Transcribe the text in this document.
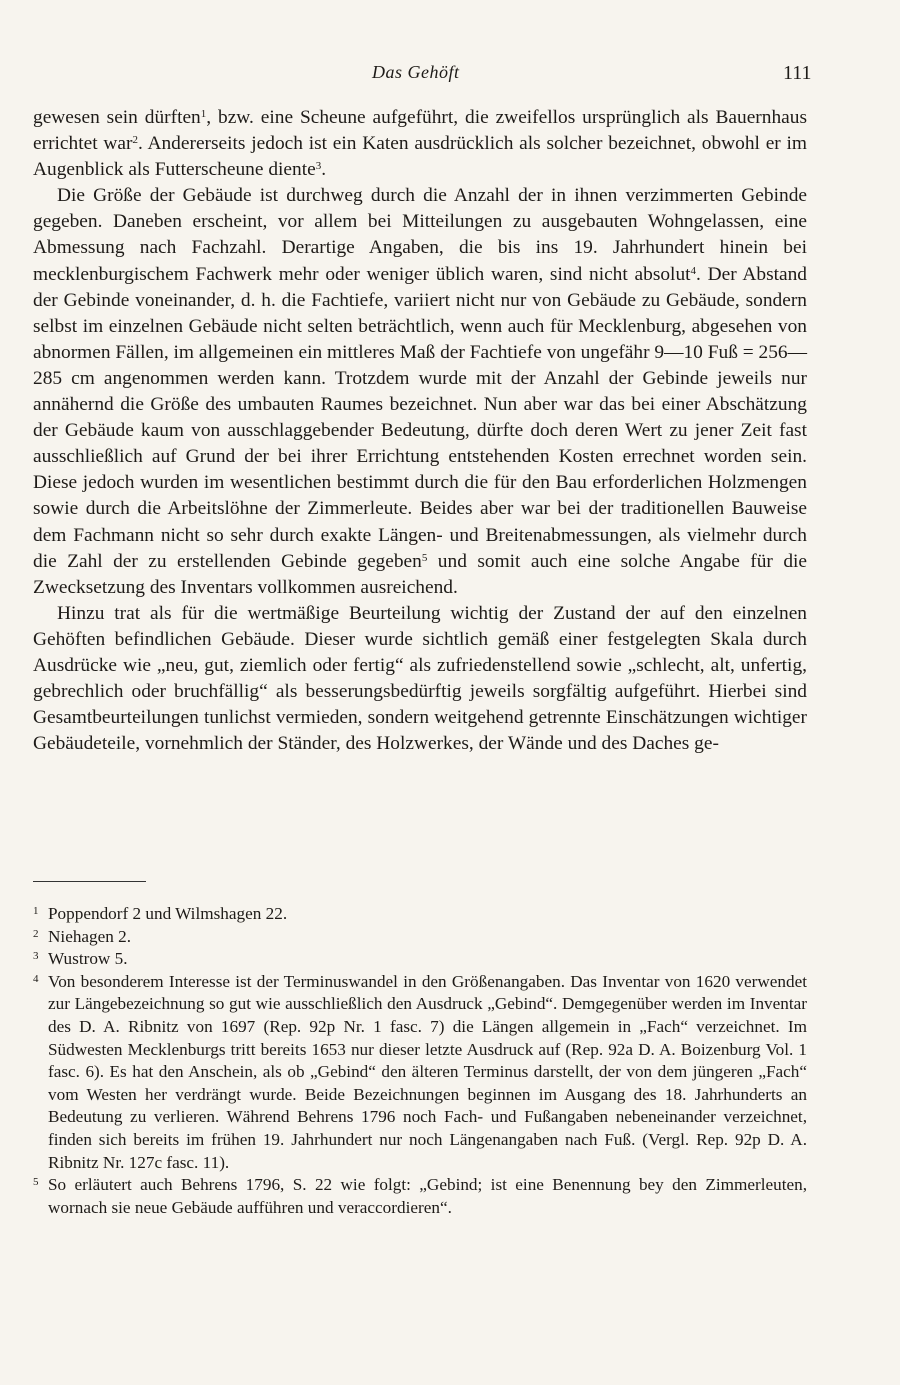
Das Gehöft	111

gewesen sein dürften$^1$, bzw. eine Scheune aufgeführt, die zweifellos ursprünglich als Bauernhaus errichtet war$^2$. Andererseits jedoch ist ein Katen ausdrücklich als solcher bezeichnet, obwohl er im Augenblick als Futterscheune diente$^3$.

Die Größe der Gebäude ist durchweg durch die Anzahl der in ihnen verzimmerten Gebinde gegeben. Daneben erscheint, vor allem bei Mitteilungen zu ausgebauten Wohngelassen, eine Abmessung nach Fachzahl. Derartige Angaben, die bis ins 19. Jahrhundert hinein bei mecklenburgischem Fachwerk mehr oder weniger üblich waren, sind nicht absolut$^4$. Der Abstand der Gebinde voneinander, d. h. die Fachtiefe, variiert nicht nur von Gebäude zu Gebäude, sondern selbst im einzelnen Gebäude nicht selten beträchtlich, wenn auch für Mecklenburg, abgesehen von abnormen Fällen, im allgemeinen ein mittleres Maß der Fachtiefe von ungefähr 9—10 Fuß = 256—285 cm angenommen werden kann. Trotzdem wurde mit der Anzahl der Gebinde jeweils nur annähernd die Größe des umbauten Raumes bezeichnet. Nun aber war das bei einer Abschätzung der Gebäude kaum von ausschlaggebender Bedeutung, dürfte doch deren Wert zu jener Zeit fast ausschließlich auf Grund der bei ihrer Errichtung entstehenden Kosten errechnet worden sein. Diese jedoch wurden im wesentlichen bestimmt durch die für den Bau erforderlichen Holzmengen sowie durch die Arbeitslöhne der Zimmerleute. Beides aber war bei der traditionellen Bauweise dem Fachmann nicht so sehr durch exakte Längen- und Breitenabmessungen, als vielmehr durch die Zahl der zu erstellenden Gebinde gegeben$^5$ und somit auch eine solche Angabe für die Zwecksetzung des Inventars vollkommen ausreichend.

Hinzu trat als für die wertmäßige Beurteilung wichtig der Zustand der auf den einzelnen Gehöften befindlichen Gebäude. Dieser wurde sichtlich gemäß einer festgelegten Skala durch Ausdrücke wie „neu, gut, ziemlich oder fertig“ als zufriedenstellend sowie „schlecht, alt, unfertig, gebrechlich oder bruchfällig“ als besserungsbedürftig jeweils sorgfältig aufgeführt. Hierbei sind Gesamtbeurteilungen tunlichst vermieden, sondern weitgehend getrennte Einschätzungen wichtiger Gebäudeteile, vornehmlich der Ständer, des Holzwerkes, der Wände und des Daches ge-

1 Poppendorf 2 und Wilmshagen 22.

2 Niehagen 2.

3 Wustrow 5.

4 Von besonderem Interesse ist der Terminuswandel in den Größenangaben. Das Inventar von 1620 verwendet zur Längebezeichnung so gut wie ausschließlich den Ausdruck „Gebind“. Demgegenüber werden im Inventar des D. A. Ribnitz von 1697 (Rep. 92p Nr. 1 fasc. 7) die Längen allgemein in „Fach“ verzeichnet. Im Südwesten Mecklenburgs tritt bereits 1653 nur dieser letzte Ausdruck auf (Rep. 92a D. A. Boizenburg Vol. 1 fasc. 6). Es hat den Anschein, als ob „Gebind“ den älteren Terminus darstellt, der von dem jüngeren „Fach“ vom Westen her verdrängt wurde. Beide Bezeichnungen beginnen im Ausgang des 18. Jahrhunderts an Bedeutung zu verlieren. Während Behrens 1796 noch Fach- und Fußangaben nebeneinander verzeichnet, finden sich bereits im frühen 19. Jahrhundert nur noch Längenangaben nach Fuß. (Vergl. Rep. 92p D. A. Ribnitz Nr. 127c fasc. 11).

5 So erläutert auch Behrens 1796, S. 22 wie folgt: „Gebind; ist eine Benennung bey den Zimmerleuten, wornach sie neue Gebäude aufführen und veraccordieren“.
